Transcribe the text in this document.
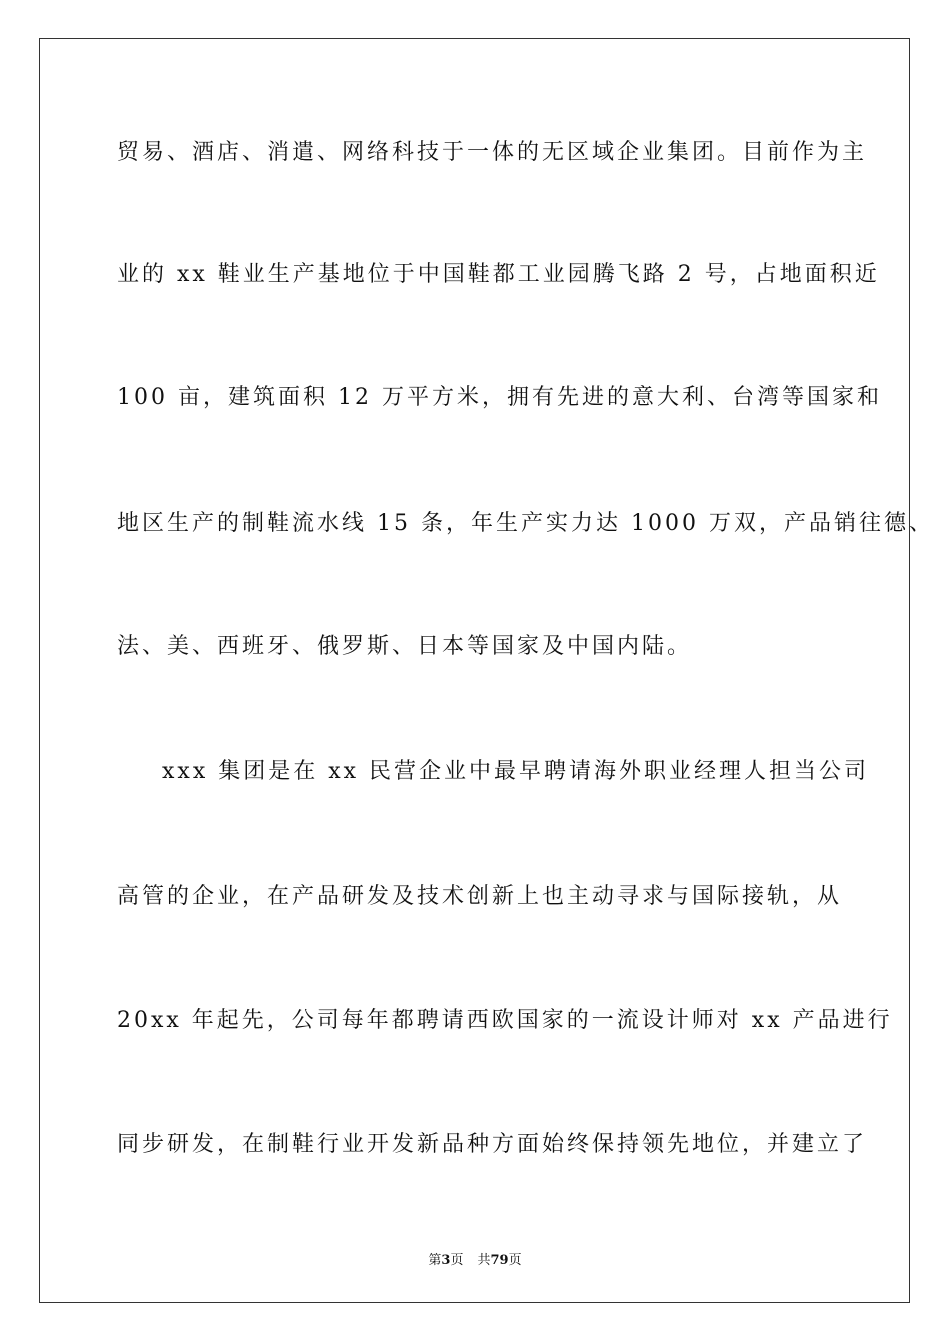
贸易、酒店、消遣、网络科技于一体的无区域企业集团。目前作为主
业的 xx 鞋业生产基地位于中国鞋都工业园腾飞路 2 号，占地面积近
100 亩，建筑面积 12 万平方米，拥有先进的意大利、台湾等国家和
地区生产的制鞋流水线 15 条，年生产实力达 1000 万双，产品销往德、
法、美、西班牙、俄罗斯、日本等国家及中国内陆。
xxx 集团是在 xx 民营企业中最早聘请海外职业经理人担当公司
高管的企业，在产品研发及技术创新上也主动寻求与国际接轨，从
20xx 年起先，公司每年都聘请西欧国家的一流设计师对 xx 产品进行
同步研发，在制鞋行业开发新品种方面始终保持领先地位，并建立了
第3页 共79页
